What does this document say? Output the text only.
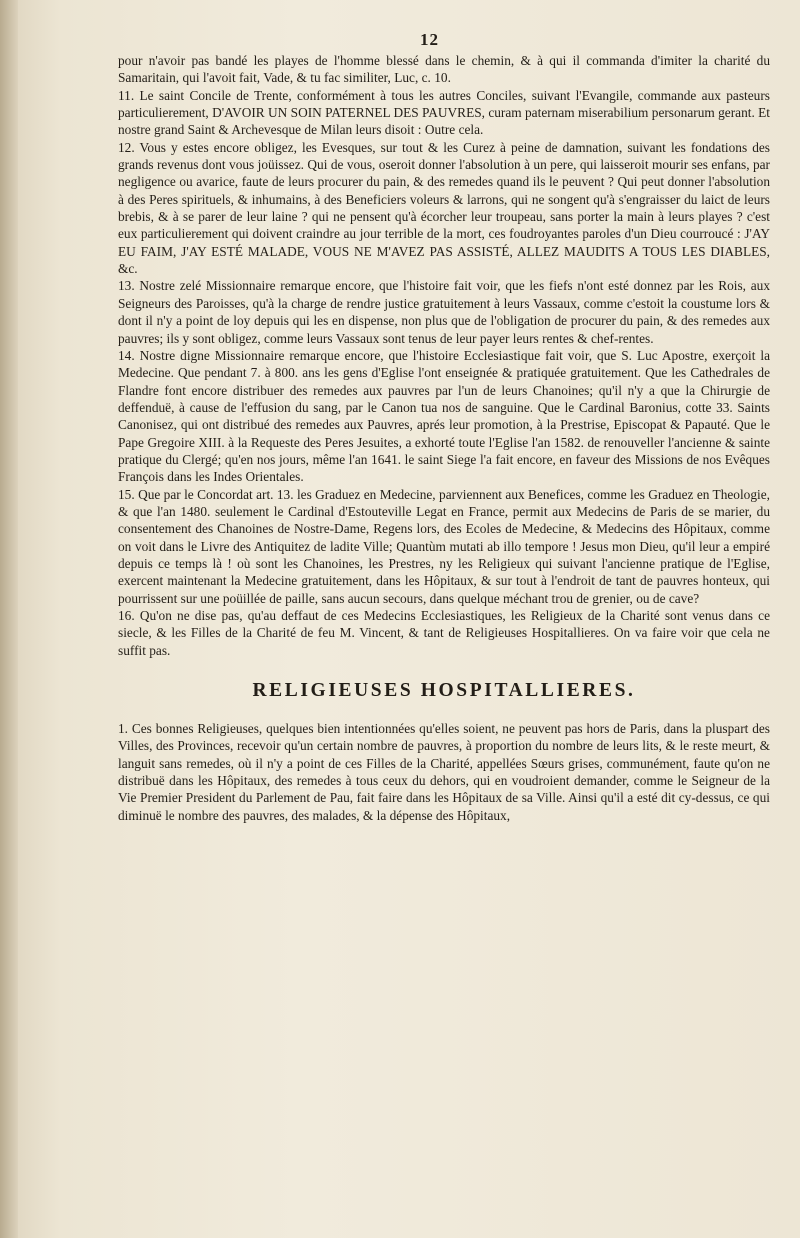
12

pour n'avoir pas bandé les playes de l'homme blessé dans le chemin, & à qui il commanda d'imiter la charité du Samaritain, qui l'avoit fait, Vade, & tu fac similiter, Luc, c. 10.

11. Le saint Concile de Trente, conformément à tous les autres Conciles, suivant l'Evangile, commande aux pasteurs particulierement, D'AVOIR UN SOIN PATERNEL DES PAUVRES, curam paternam miserabilium personarum gerant. Et nostre grand Saint & Archevesque de Milan leurs disoit : Outre cela.

12. Vous y estes encore obligez, les Evesques, sur tout & les Curez à peine de damnation, suivant les fondations des grands revenus dont vous joüissez. Qui de vous, oseroit donner l'absolution à un pere, qui laisseroit mourir ses enfans, par negligence ou avarice, faute de leurs procurer du pain, & des remedes quand ils le peuvent ? Qui peut donner l'absolution à des Peres spirituels, & inhumains, à des Beneficiers voleurs & larrons, qui ne songent qu'à s'engraisser du laict de leurs brebis, & à se parer de leur laine ? qui ne pensent qu'à écorcher leur troupeau, sans porter la main à leurs playes ? c'est eux particulierement qui doivent craindre au jour terrible de la mort, ces foudroyantes paroles d'un Dieu courroucé : J'AY EU FAIM, J'AY ESTÉ MALADE, VOUS NE M'AVEZ PAS ASSISTÉ, ALLEZ MAUDITS A TOUS LES DIABLES, &c.

13. Nostre zelé Missionnaire remarque encore, que l'histoire fait voir, que les fiefs n'ont esté donnez par les Rois, aux Seigneurs des Paroisses, qu'à la charge de rendre justice gratuitement à leurs Vassaux, comme c'estoit la coustume lors & dont il n'y a point de loy depuis qui les en dispense, non plus que de l'obligation de procurer du pain, & des remedes aux pauvres; ils y sont obligez, comme leurs Vassaux sont tenus de leur payer leurs rentes & chef-rentes.

14. Nostre digne Missionnaire remarque encore, que l'histoire Ecclesiastique fait voir, que S. Luc Apostre, exerçoit la Medecine. Que pendant 7. à 800. ans les gens d'Eglise l'ont enseignée & pratiquée gratuitement. Que les Cathedrales de Flandre font encore distribuer des remedes aux pauvres par l'un de leurs Chanoines; qu'il n'y a que la Chirurgie de deffenduë, à cause de l'effusion du sang, par le Canon tua nos de sanguine. Que le Cardinal Baronius, cotte 33. Saints Canonisez, qui ont distribué des remedes aux Pauvres, aprés leur promotion, à la Prestrise, Episcopat & Papauté. Que le Pape Gregoire XIII. à la Requeste des Peres Jesuites, a exhorté toute l'Eglise l'an 1582. de renouveller l'ancienne & sainte pratique du Clergé; qu'en nos jours, même l'an 1641. le saint Siege l'a fait encore, en faveur des Missions de nos Evêques François dans les Indes Orientales.

15. Que par le Concordat art. 13. les Graduez en Medecine, parviennent aux Benefices, comme les Graduez en Theologie, & que l'an 1480. seulement le Cardinal d'Estouteville Legat en France, permit aux Medecins de Paris de se marier, du consentement des Chanoines de Nostre-Dame, Regens lors, des Ecoles de Medecine, & Medecins des Hôpitaux, comme on voit dans le Livre des Antiquitez de ladite Ville; Quantùm mutati ab illo tempore ! Jesus mon Dieu, qu'il leur a empiré depuis ce temps là ! où sont les Chanoines, les Prestres, ny les Religieux qui suivant l'ancienne pratique de l'Eglise, exercent maintenant la Medecine gratuitement, dans les Hôpitaux, & sur tout à l'endroit de tant de pauvres honteux, qui pourrissent sur une poüillée de paille, sans aucun secours, dans quelque méchant trou de grenier, ou de cave?

16. Qu'on ne dise pas, qu'au deffaut de ces Medecins Ecclesiastiques, les Religieux de la Charité sont venus dans ce siecle, & les Filles de la Charité de feu M. Vincent, & tant de Religieuses Hospitallieres. On va faire voir que cela ne suffit pas.

RELIGIEUSES HOSPITALLIERES.

1. Ces bonnes Religieuses, quelques bien intentionnées qu'elles soient, ne peuvent pas hors de Paris, dans la pluspart des Villes, des Provinces, recevoir qu'un certain nombre de pauvres, à proportion du nombre de leurs lits, & le reste meurt, & languit sans remedes, où il n'y a point de ces Filles de la Charité, appellées Sœurs grises, communément, faute qu'on ne distribuë dans les Hôpitaux, des remedes à tous ceux du dehors, qui en voudroient demander, comme le Seigneur de la Vie Premier President du Parlement de Pau, fait faire dans les Hôpitaux de sa Ville. Ainsi qu'il a esté dit cy-dessus, ce qui diminuë le nombre des pauvres, des malades, & la dépense des Hôpitaux,
